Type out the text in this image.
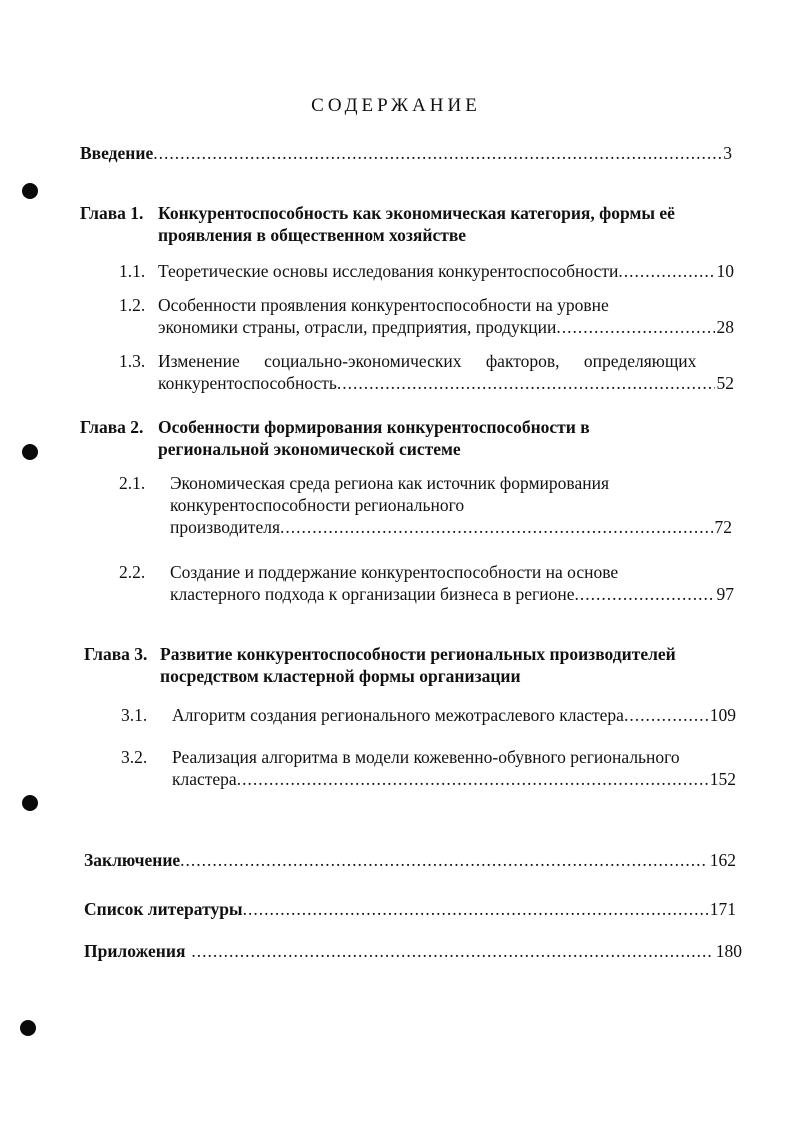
СОДЕРЖАНИЕ
Введение .....	3
Глава 1. Конкурентоспособность как экономическая категория, формы её
проявления в общественном хозяйстве
1.1. Теоретические основы исследования конкурентоспособности .....	10
1.2. Особенности проявления конкурентоспособности на уровне
экономики страны, отрасли, предприятия, продукции .....	28
1.3. Изменение социально-экономических факторов, определяющих
конкурентоспособность .....	52
Глава 2. Особенности формирования конкурентоспособности в
региональной экономической системе
2.1. Экономическая среда региона как источник формирования
конкурентоспособности регионального
производителя .....	72
2.2. Создание и поддержание конкурентоспособности на основе
кластерного подхода к организации бизнеса в регионе .....	97
Глава 3. Развитие конкурентоспособности региональных производителей
посредством кластерной формы организации
3.1. Алгоритм создания регионального межотраслевого кластера .....	109
3.2. Реализация алгоритма в модели кожевенно-обувного регионального
кластера .....	152
Заключение .....	162
Список литературы .....	171
Приложения .....	180
